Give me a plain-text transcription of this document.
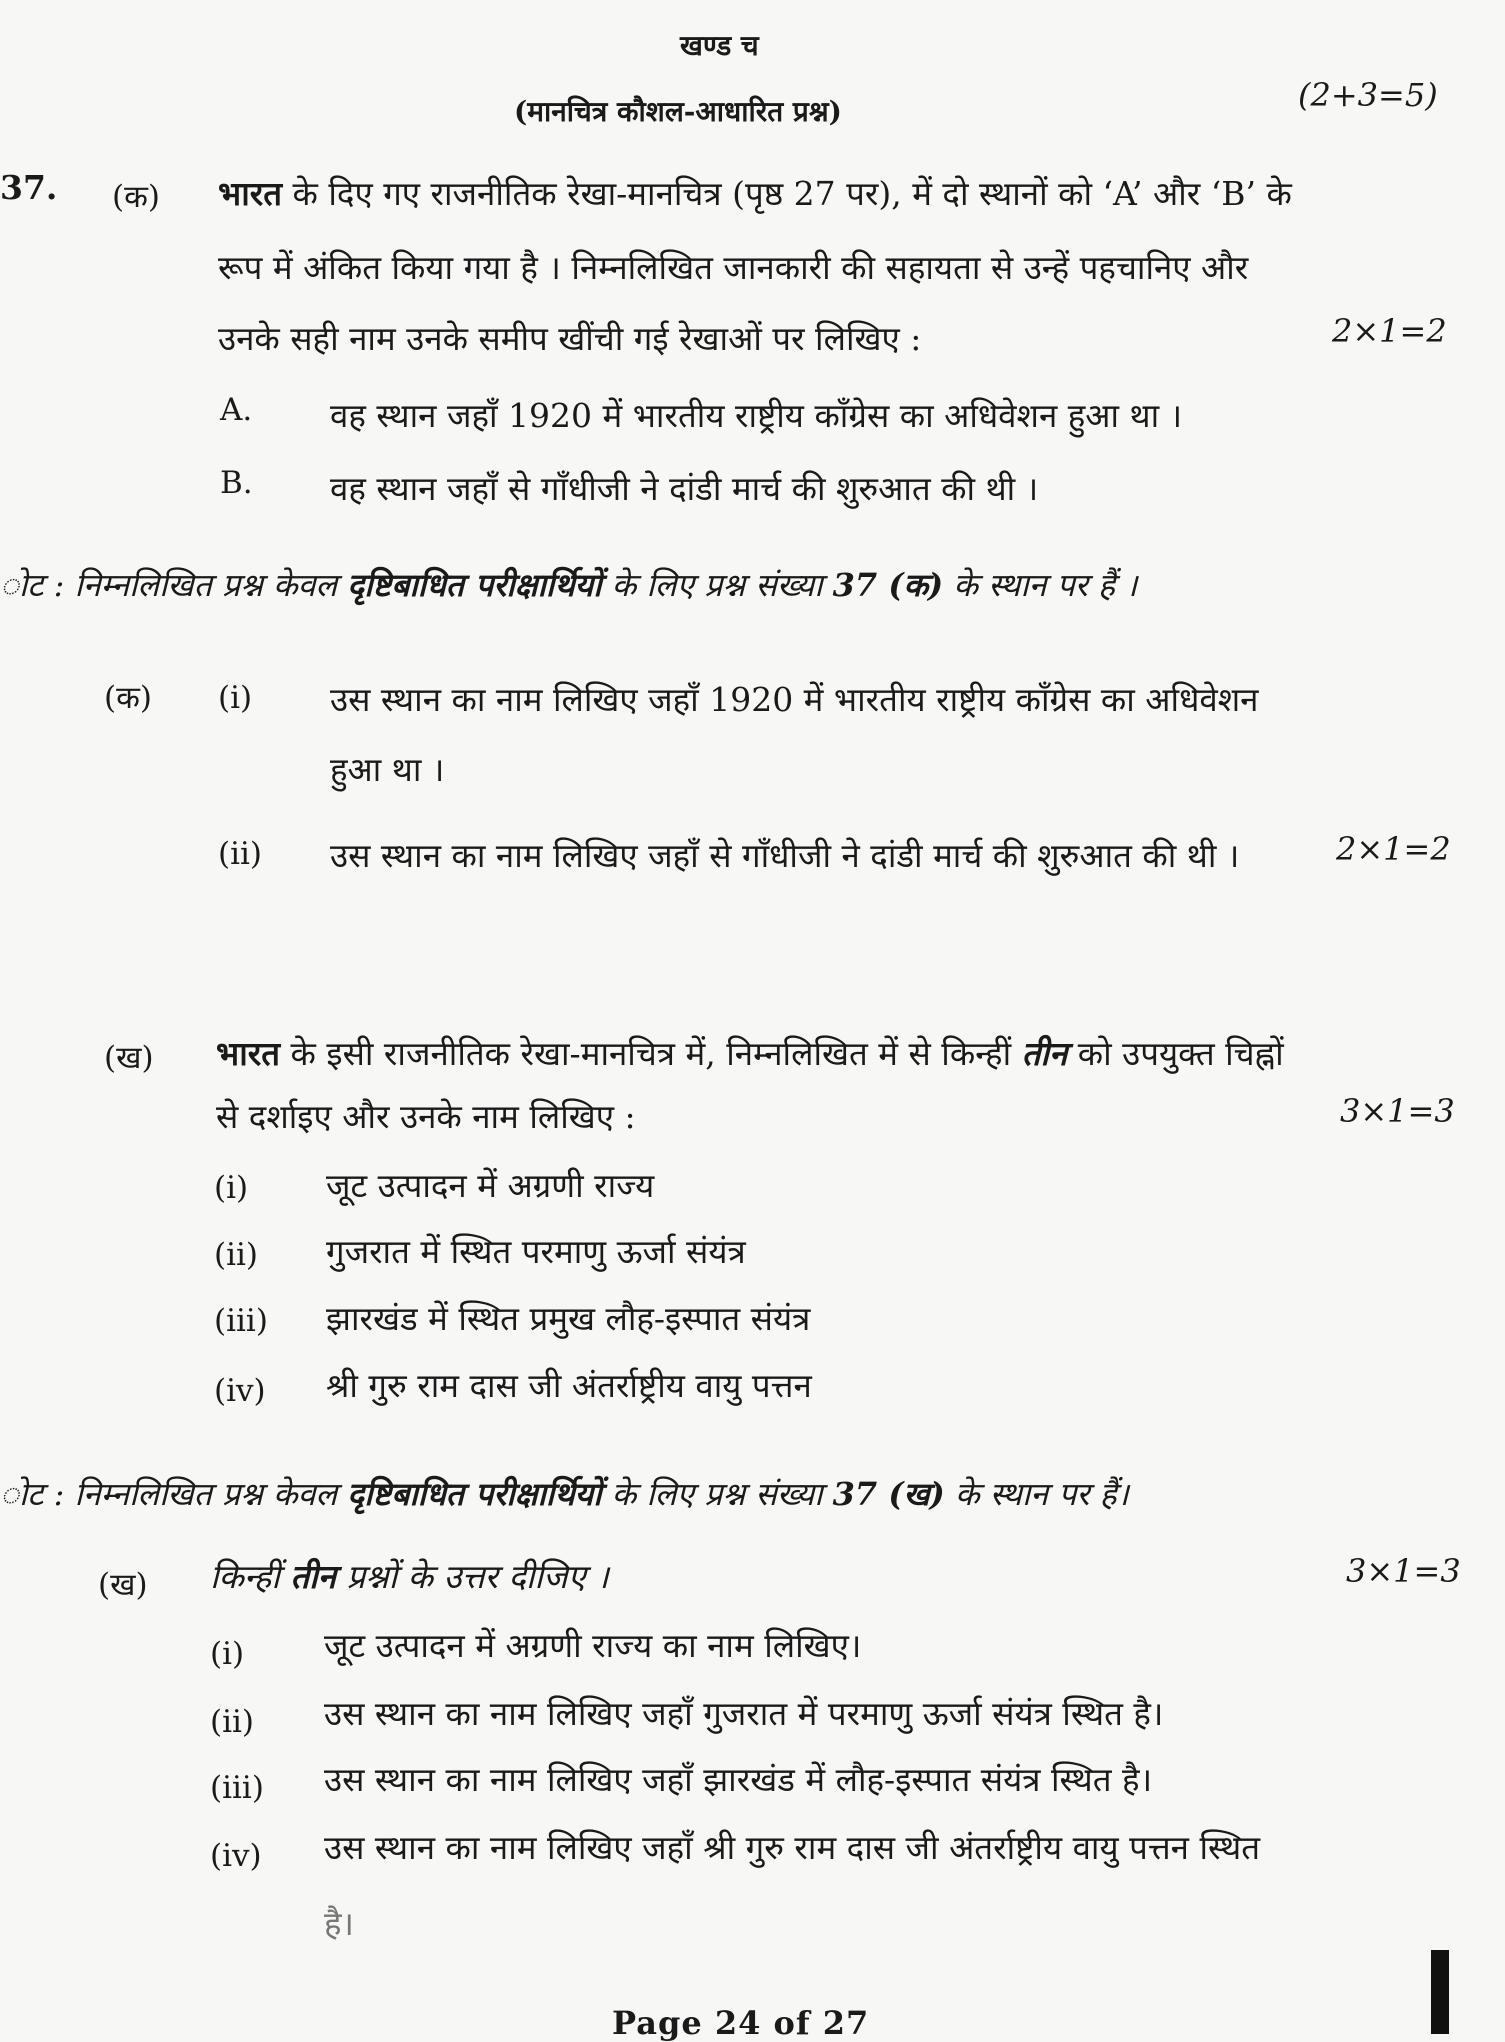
खण्ड च
(मानचित्र कौशल-आधारित प्रश्न)	(2+3=5)
37. (क) भारत के दिए गए राजनीतिक रेखा-मानचित्र (पृष्ठ 27 पर), में दो स्थानों को ‘A’ और ‘B’ के
रूप में अंकित किया गया है । निम्नलिखित जानकारी की सहायता से उन्हें पहचानिए और
उनके सही नाम उनके समीप खींची गई रेखाओं पर लिखिए :	2×1=2
A. वह स्थान जहाँ 1920 में भारतीय राष्ट्रीय काँग्रेस का अधिवेशन हुआ था ।
B. वह स्थान जहाँ से गाँधीजी ने दांडी मार्च की शुरुआत की थी ।
ोट : निम्नलिखित प्रश्न केवल दृष्टिबाधित परीक्षार्थियों के लिए प्रश्न संख्या 37 (क) के स्थान पर हैं ।
(क) (i) उस स्थान का नाम लिखिए जहाँ 1920 में भारतीय राष्ट्रीय काँग्रेस का अधिवेशन
हुआ था ।
(ii) उस स्थान का नाम लिखिए जहाँ से गाँधीजी ने दांडी मार्च की शुरुआत की थी ।	2×1=2
(ख) भारत के इसी राजनीतिक रेखा-मानचित्र में, निम्नलिखित में से किन्हीं तीन को उपयुक्त चिह्नों
से दर्शाइए और उनके नाम लिखिए :	3×1=3
(i) जूट उत्पादन में अग्रणी राज्य
(ii) गुजरात में स्थित परमाणु ऊर्जा संयंत्र
(iii) झारखंड में स्थित प्रमुख लौह-इस्पात संयंत्र
(iv) श्री गुरु राम दास जी अंतर्राष्ट्रीय वायु पत्तन
ोट : निम्नलिखित प्रश्न केवल दृष्टिबाधित परीक्षार्थियों के लिए प्रश्न संख्या 37 (ख) के स्थान पर हैं।
(ख) किन्हीं तीन प्रश्नों के उत्तर दीजिए ।	3×1=3
(i) जूट उत्पादन में अग्रणी राज्य का नाम लिखिए।
(ii) उस स्थान का नाम लिखिए जहाँ गुजरात में परमाणु ऊर्जा संयंत्र स्थित है।
(iii) उस स्थान का नाम लिखिए जहाँ झारखंड में लौह-इस्पात संयंत्र स्थित है।
(iv) उस स्थान का नाम लिखिए जहाँ श्री गुरु राम दास जी अंतर्राष्ट्रीय वायु पत्तन स्थित
है।
Page 24 of 27
